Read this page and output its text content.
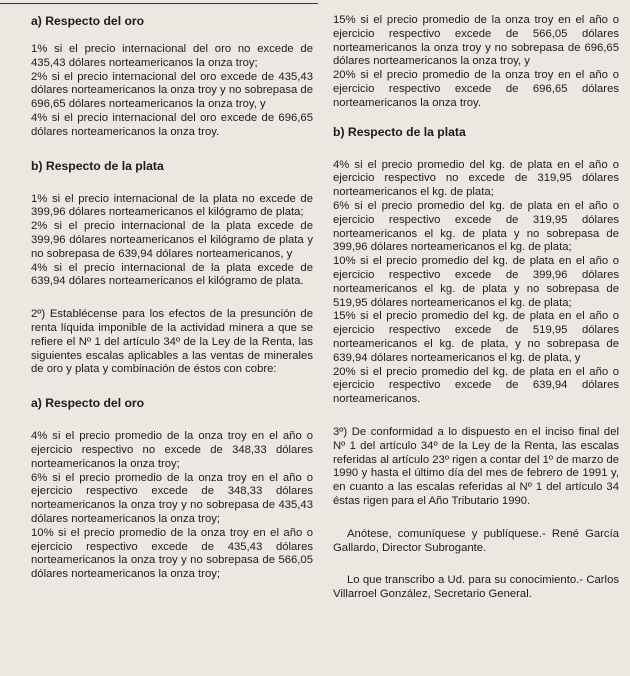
a) Respecto del oro

1% si el precio internacional del oro no excede de 435,43 dólares norteamericanos la onza troy;

2% si el precio internacional del oro excede de 435,43 dólares norteamericanos la onza troy y no sobrepasa de 696,65 dólares norteamericanos la onza troy, y

4% si el precio internacional del oro excede de 696,65 dólares norteamericanos la onza troy.

b) Respecto de la plata

1% si el precio internacional de la plata no excede de 399,96 dólares norteamericanos el kilógramo de plata;

2% si el precio internacional de la plata excede de 399,96 dólares norteamericanos el kilógramo de plata y no sobrepasa de 639,94 dólares norteamericanos, y

4% si el precio internacional de la plata excede de 639,94 dólares norteamericanos el kilógramo de plata.

2º) Establécense para los efectos de la presunción de renta líquida imponible de la actividad minera a que se refiere el Nº 1 del artículo 34º de la Ley de la Renta, las siguientes escalas aplicables a las ventas de minerales de oro y plata y combinación de éstos con cobre:

a) Respecto del oro

4% si el precio promedio de la onza troy en el año o ejercicio respectivo no excede de 348,33 dólares norteamericanos la onza troy;

6% si el precio promedio de la onza troy en el año o ejercicio respectivo excede de 348,33 dólares norteamericanos la onza troy y no sobrepasa de 435,43 dólares norteamericanos la onza troy;

10% si el precio promedio de la onza troy en el año o ejercicio respectivo excede de 435,43 dólares norteamericanos la onza troy y no sobrepasa de 566,05 dólares norteamericanos la onza troy;

15% si el precio promedio de la onza troy en el año o ejercicio respectivo excede de 566,05 dólares norteamericanos la onza troy y no sobrepasa de 696,65 dólares norteamericanos la onza troy, y

20% si el precio promedio de la onza troy en el año o ejercicio respectivo excede de 696,65 dólares norteamericanos la onza troy.

b) Respecto de la plata

4% si el precio promedio del kg. de plata en el año o ejercicio respectivo no excede de 319,95 dólares norteamericanos el kg. de plata;

6% si el precio promedio del kg. de plata en el año o ejercicio respectivo excede de 319,95 dólares norteamericanos el kg. de plata y no sobrepasa de 399,96 dólares norteamericanos el kg. de plata;

10% si el precio promedio del kg. de plata en el año o ejercicio respectivo excede de 399,96 dólares norteamericanos el kg. de plata y no sobrepasa de 519,95 dólares norteamericanos el kg. de plata;

15% si el precio promedio del kg. de plata en el año o ejercicio respectivo excede de 519,95 dólares norteamericanos el kg. de plata, y no sobrepasa de 639,94 dólares norteamericanos el kg. de plata, y

20% si el precio promedio del kg. de plata en el año o ejercicio respectivo excede de 639,94 dólares norteamericanos.

3º) De conformidad a lo dispuesto en el inciso final del Nº 1 del artículo 34º de la Ley de la Renta, las escalas referidas al artículo 23º rigen a contar del 1º de marzo de 1990 y hasta el último día del mes de febrero de 1991 y, en cuanto a las escalas referidas al Nº 1 del artículo 34 éstas rigen para el Año Tributario 1990.

Anótese, comuníquese y publíquese.- René García Gallardo, Director Subrogante.

Lo que transcribo a Ud. para su conocimiento.- Carlos Villarroel González, Secretario General.
